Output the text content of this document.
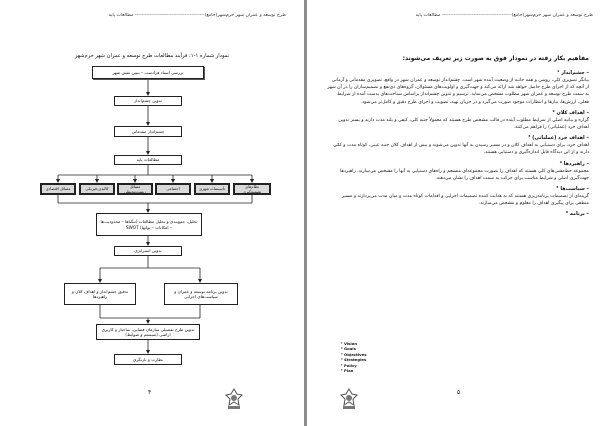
طرح توسعه و عمران شهر خرم‌شهر(جامع)------------------------------------------ مطالعات پایه
نمودار شماره ۱-۱: فرآیند مطالعات طرح توسعه و عمران شهر خرم‌شهر
بررسی اسناد فرادست – تبیین نقش شهر
تدوین چشم‌انداز
چشم‌انداز مقدماتی
مطالعات پایه
مسائل اقتصادی	کالبدی-فیزیکی
مسائل زیست‌محیطی
اجتماعی	تأسیسات شهری
نظام‌های تصمیم‌گیری
تحلیل، جمع‌بندی و تحلیل مطالعات (تنگناها – محدودیت‌ها – امکانات – توانها) SWOT
تدوین استراتژی
تدقیق چشم‌انداز و اهداف کلان و راهبردها
تدوین برنامه توسعه و عمران و سیاست‌های اجرایی
تدوین طرح تفصیلی سازمان فضایی، ساختار و کاربری اراضی (سیستم و ضوابط)
نظارت و بازنگری
۴
طرح توسعه و عمران شهر خرم‌شهر(جامع)------------------------------------------ مطالعات پایه
مفاهیم بکار رفته در نمودار فوق به صورت زیر تعریف می‌شوند:
– چشم‌انداز ¹
بیانگر تصویری کلی، روشن و همه جانبه از وضعیت آینده شهر است. چشم‌انداز توسعه و عمران شهر در واقع، تصویری مقدماتی و آرمانی از آنچه که از اجرای طرح حاصل خواهد شد ارائه می‌کند و جهت‌گیری و اولویت‌های مسئولان، گروه‌های ذی‌نفع و تصمیم‌سازان را در آن شهر به سمت طرح توسعه و عمران شهر مطلوب مشخص می‌نماید. ترسیم و تدوین چشم‌انداز براساس شناخت‌های بدست آمده از شرایط فعلی، ارزش‌ها، نیازها و انتظارات موجود صورت می‌گیرد و در جریان تهیه، تصویب و اجرای طرح دقیق و کامل‌تر می‌شود.
– اهداف کلان ²
گزاره و بیانیه اصلی از شرایط مطلوب آینده در قالب مشخص طرح هستند که معمولاً جنبه کلی، کیفی و بلند مدت دارند و بستر تدوین اهداف خرد (عملیاتی) را فراهم می‌کنند.
– اهداف خرد (عملیاتی) ³
اهداف خرد، برای دستیابی به اهداف کلان و در مسیر رسیدن به آنها تدوین می‌شوند و بیش از اهداف کلان جنبه عینی، کوتاه مدت و کمّی دارند و از این دیدگاه قابل اندازه‌گیری و دستیابی هستند.
– راهبردها ⁴
مجموعه خط‌مشی‌های کلی هستند که اهداف را بصورت مجموعه‌ای منسجم و راه‌های دستیابی به آنها را مشخص می‌سازند. راهبردها جهت‌گیری اصلی و شرایط مناسب برای حرکت به سمت اهداف را نشان می‌دهند.
– سیاست‌ها ⁵
گزینه‌ای از تصمیمات برنامه‌ریزی هستند که به هدایت کننده تصمیمات اجرایی و اقدامات کوتاه مدت و میان مدت می‌پردازند و مسیر منطقی برای پیگیری اهداف را معلوم و مشخص می‌سازند.
– برنامه ⁶
¹ Vision
² Goals
³ Objectives
⁴ Strategies
⁵ Policy
⁶ Plan
۵
